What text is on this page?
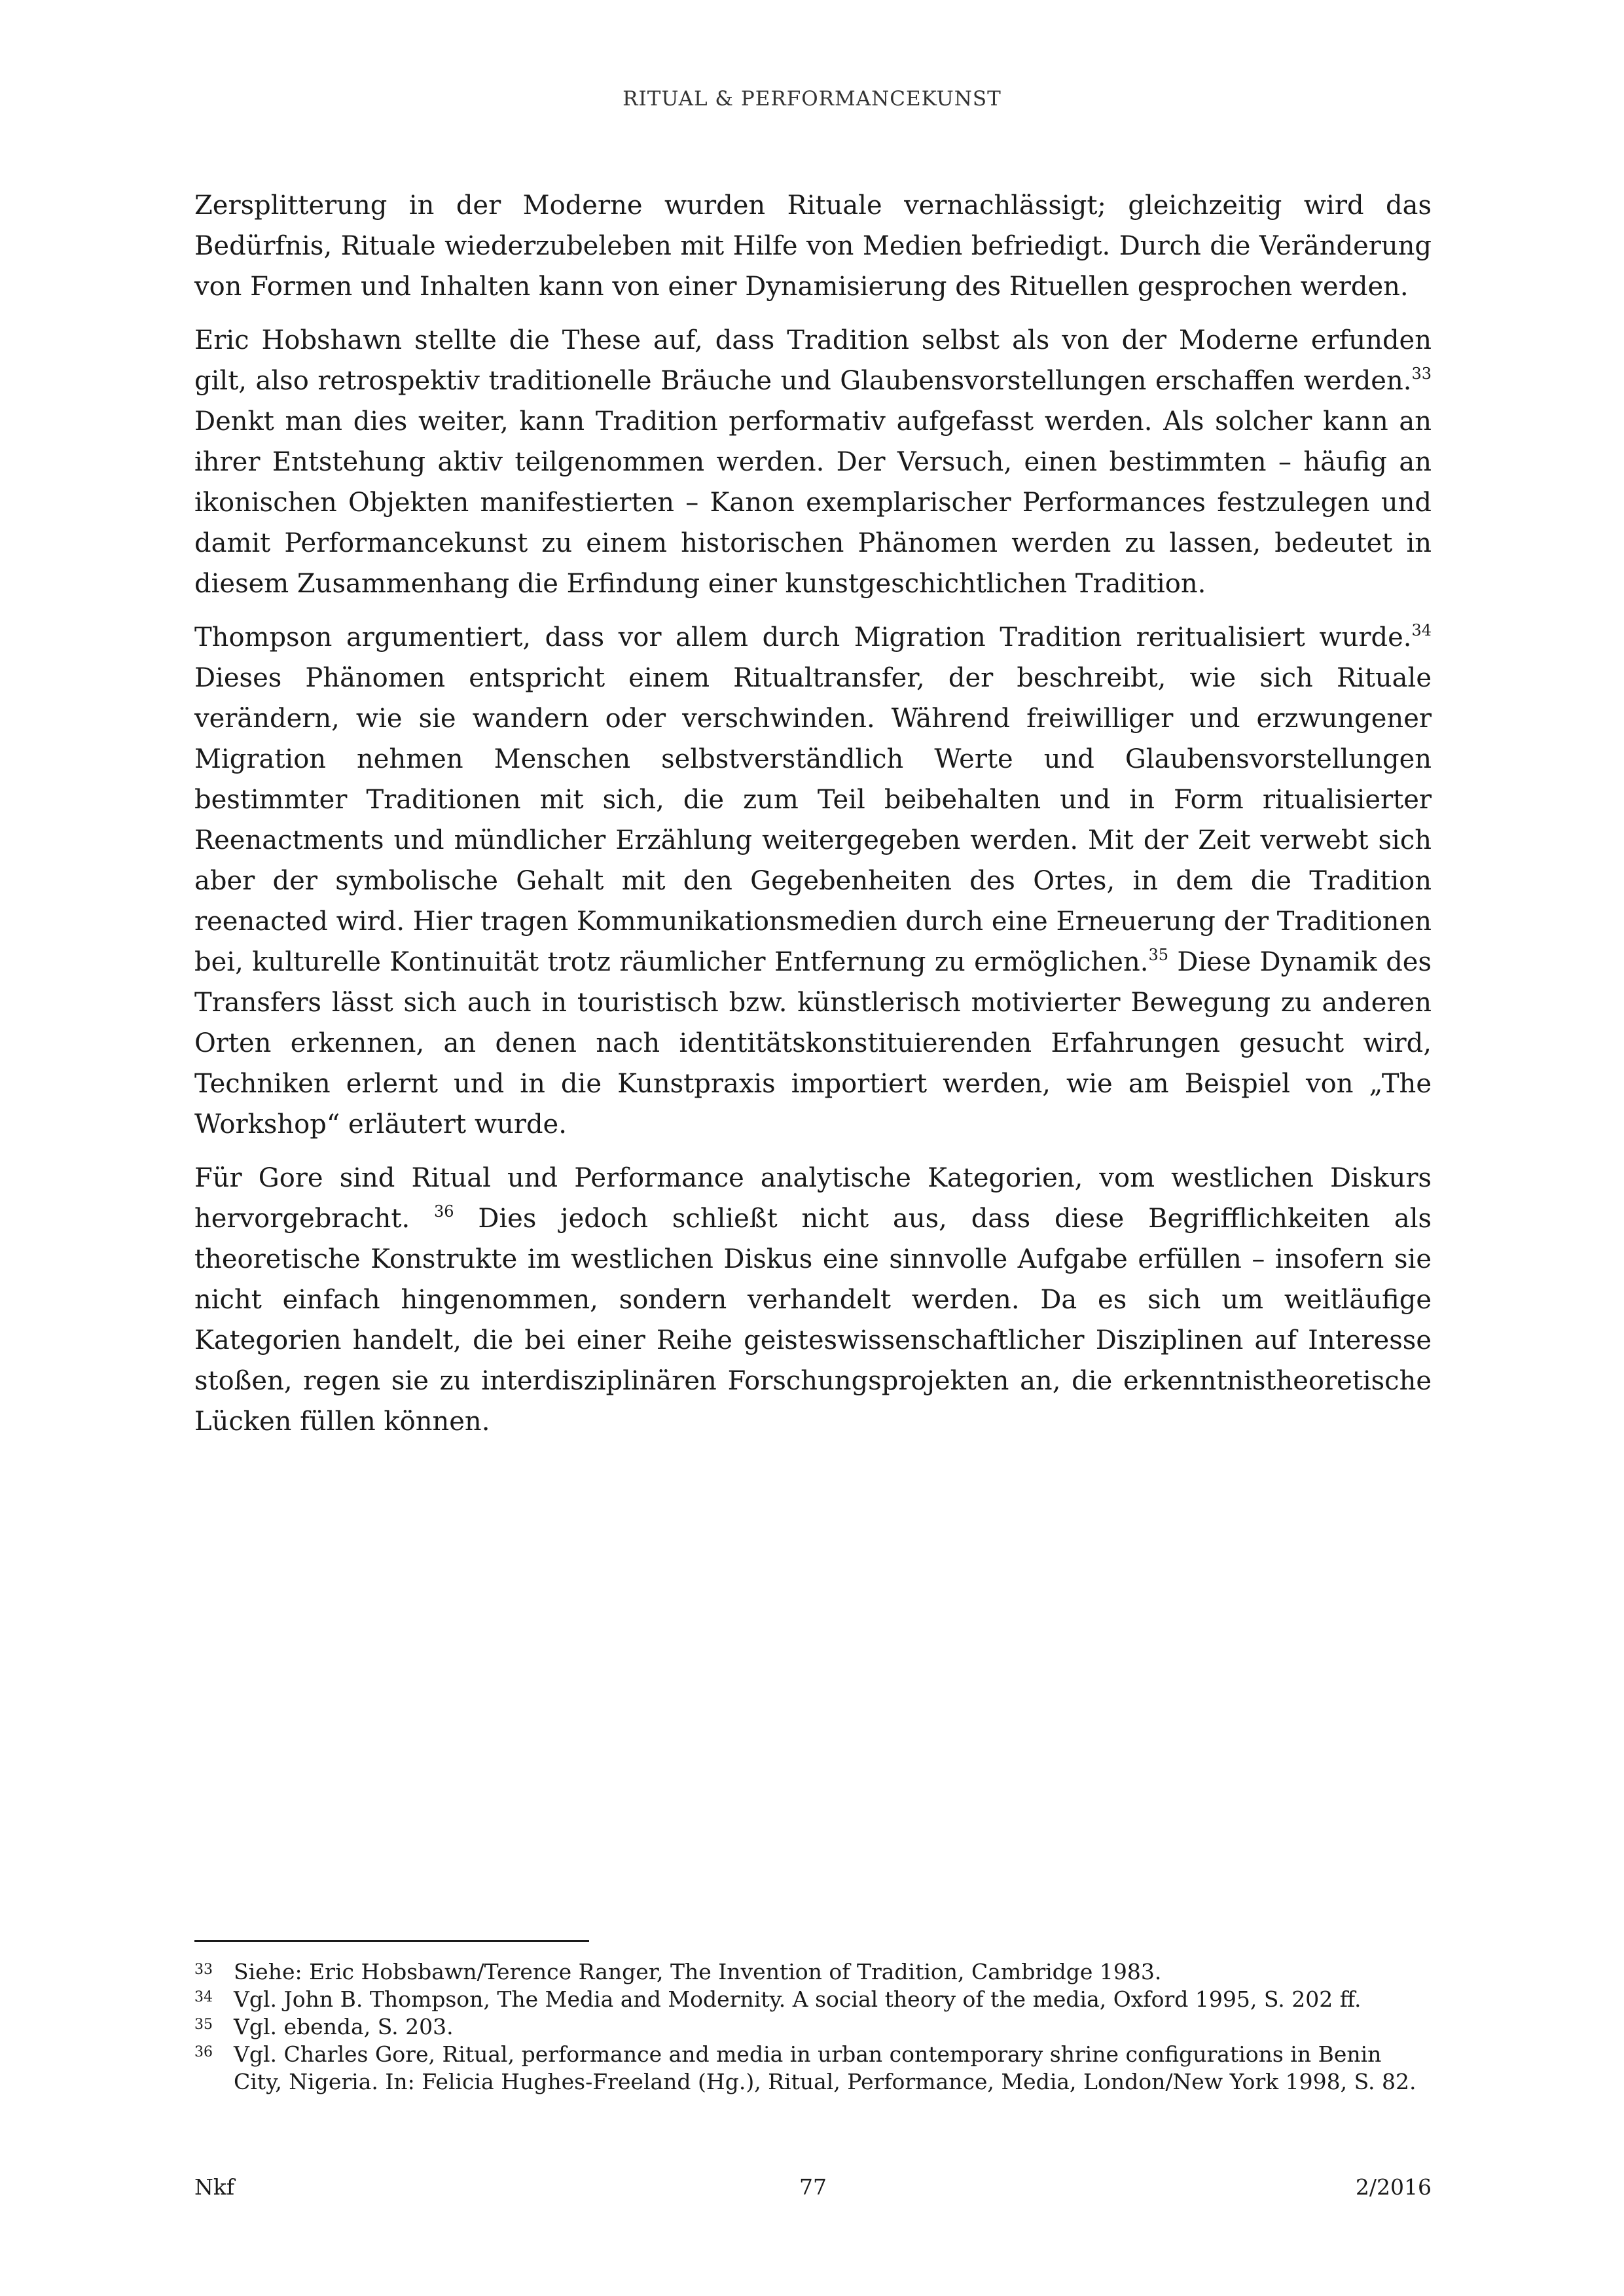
RITUAL & PERFORMANCEKUNST

Zersplitterung in der Moderne wurden Rituale vernachlässigt; gleichzeitig wird das Bedürfnis, Rituale wiederzubeleben mit Hilfe von Medien befriedigt. Durch die Veränderung von Formen und Inhalten kann von einer Dynamisierung des Rituellen gesprochen werden.

Eric Hobshawn stellte die These auf, dass Tradition selbst als von der Moderne erfunden gilt, also retrospektiv traditionelle Bräuche und Glaubensvorstellungen erschaffen werden.$^{33}$ Denkt man dies weiter, kann Tradition performativ aufgefasst werden. Als solcher kann an ihrer Entstehung aktiv teilgenommen werden. Der Versuch, einen bestimmten – häufig an ikonischen Objekten manifestierten – Kanon exemplarischer Performances festzulegen und damit Performancekunst zu einem historischen Phänomen werden zu lassen, bedeutet in diesem Zusammenhang die Erfindung einer kunstgeschichtlichen Tradition.

Thompson argumentiert, dass vor allem durch Migration Tradition reritualisiert wurde.$^{34}$ Dieses Phänomen entspricht einem Ritualtransfer, der beschreibt, wie sich Rituale verändern, wie sie wandern oder verschwinden. Während freiwilliger und erzwungener Migration nehmen Menschen selbstverständlich Werte und Glaubensvorstellungen bestimmter Traditionen mit sich, die zum Teil beibehalten und in Form ritualisierter Reenactments und mündlicher Erzählung weitergegeben werden. Mit der Zeit verwebt sich aber der symbolische Gehalt mit den Gegebenheiten des Ortes, in dem die Tradition reenacted wird. Hier tragen Kommunikationsmedien durch eine Erneuerung der Traditionen bei, kulturelle Kontinuität trotz räumlicher Entfernung zu ermöglichen.$^{35}$ Diese Dynamik des Transfers lässt sich auch in touristisch bzw. künstlerisch motivierter Bewegung zu anderen Orten erkennen, an denen nach identitätskonstituierenden Erfahrungen gesucht wird, Techniken erlernt und in die Kunstpraxis importiert werden, wie am Beispiel von „The Workshop“ erläutert wurde.

Für Gore sind Ritual und Performance analytische Kategorien, vom westlichen Diskurs hervorgebracht. $^{36}$ Dies jedoch schließt nicht aus, dass diese Begrifflichkeiten als theoretische Konstrukte im westlichen Diskus eine sinnvolle Aufgabe erfüllen – insofern sie nicht einfach hingenommen, sondern verhandelt werden. Da es sich um weitläufige Kategorien handelt, die bei einer Reihe geisteswissenschaftlicher Disziplinen auf Interesse stoßen, regen sie zu interdisziplinären Forschungsprojekten an, die erkenntnistheoretische Lücken füllen können.

33 Siehe: Eric Hobsbawn/Terence Ranger, The Invention of Tradition, Cambridge 1983.
34 Vgl. John B. Thompson, The Media and Modernity. A social theory of the media, Oxford 1995, S. 202 ff.
35 Vgl. ebenda, S. 203.
36 Vgl. Charles Gore, Ritual, performance and media in urban contemporary shrine configurations in Benin City, Nigeria. In: Felicia Hughes-Freeland (Hg.), Ritual, Performance, Media, London/New York 1998, S. 82.
77
Nkf	2/2016
